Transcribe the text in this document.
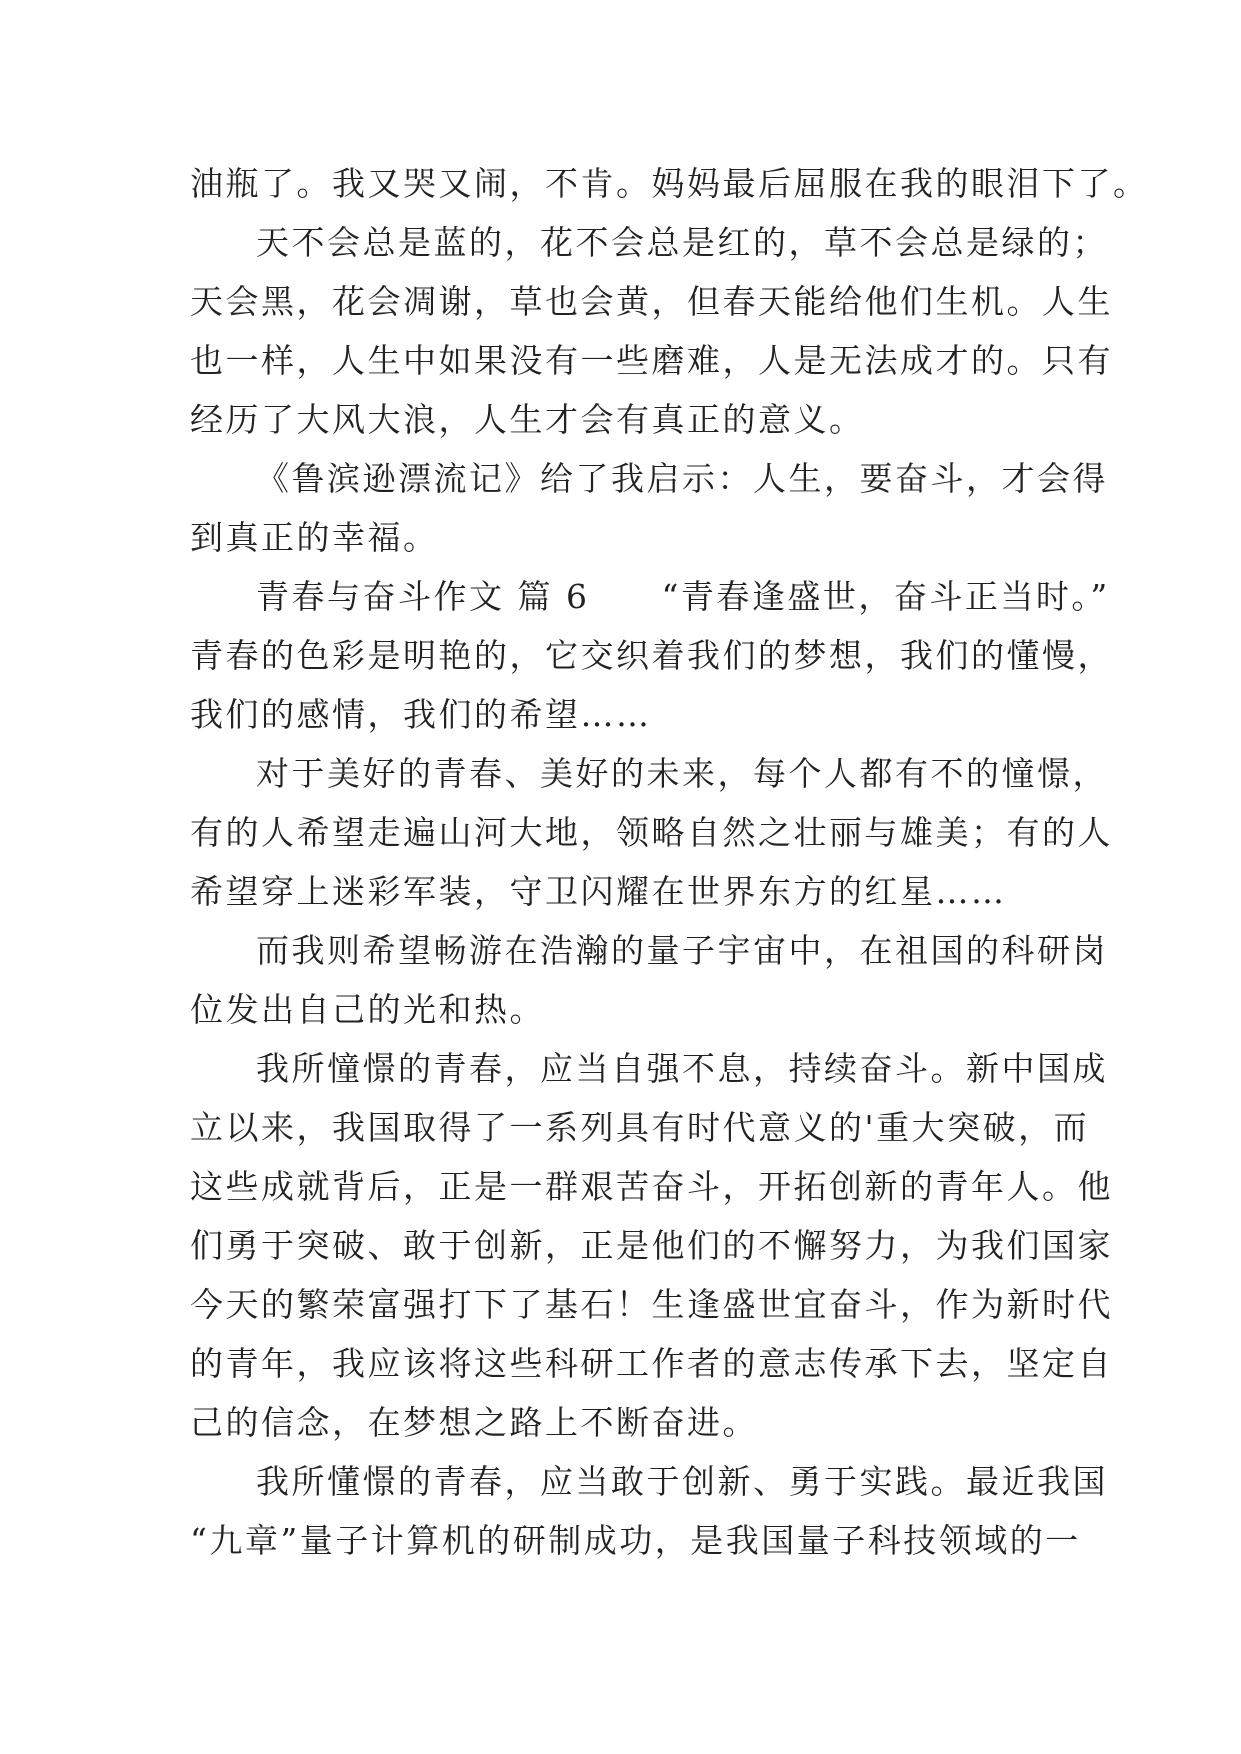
油瓶了。我又哭又闹，不肯。妈妈最后屈服在我的眼泪下了。

天不会总是蓝的，花不会总是红的，草不会总是绿的；

天会黑，花会凋谢，草也会黄，但春天能给他们生机。人生

也一样，人生中如果没有一些磨难，人是无法成才的。只有

经历了大风大浪，人生才会有真正的意义。

《鲁滨逊漂流记》给了我启示：人生，要奋斗，才会得

到真正的幸福。

青春与奋斗作文 篇 6 “青春逢盛世，奋斗正当时。”

青春的色彩是明艳的，它交织着我们的梦想，我们的懂慢，

我们的感情，我们的希望……

对于美好的青春、美好的未来，每个人都有不的憧憬，

有的人希望走遍山河大地，领略自然之壮丽与雄美；有的人

希望穿上迷彩军装，守卫闪耀在世界东方的红星……

而我则希望畅游在浩瀚的量子宇宙中，在祖国的科研岗

位发出自己的光和热。

我所憧憬的青春，应当自强不息，持续奋斗。新中国成

立以来，我国取得了一系列具有时代意义的'重大突破，而

这些成就背后，正是一群艰苦奋斗，开拓创新的青年人。他

们勇于突破、敢于创新，正是他们的不懈努力，为我们国家

今天的繁荣富强打下了基石！生逢盛世宜奋斗，作为新时代

的青年，我应该将这些科研工作者的意志传承下去，坚定自

己的信念，在梦想之路上不断奋进。

我所懂憬的青春，应当敢于创新、勇于实践。最近我国

“九章”量子计算机的研制成功，是我国量子科技领域的一
